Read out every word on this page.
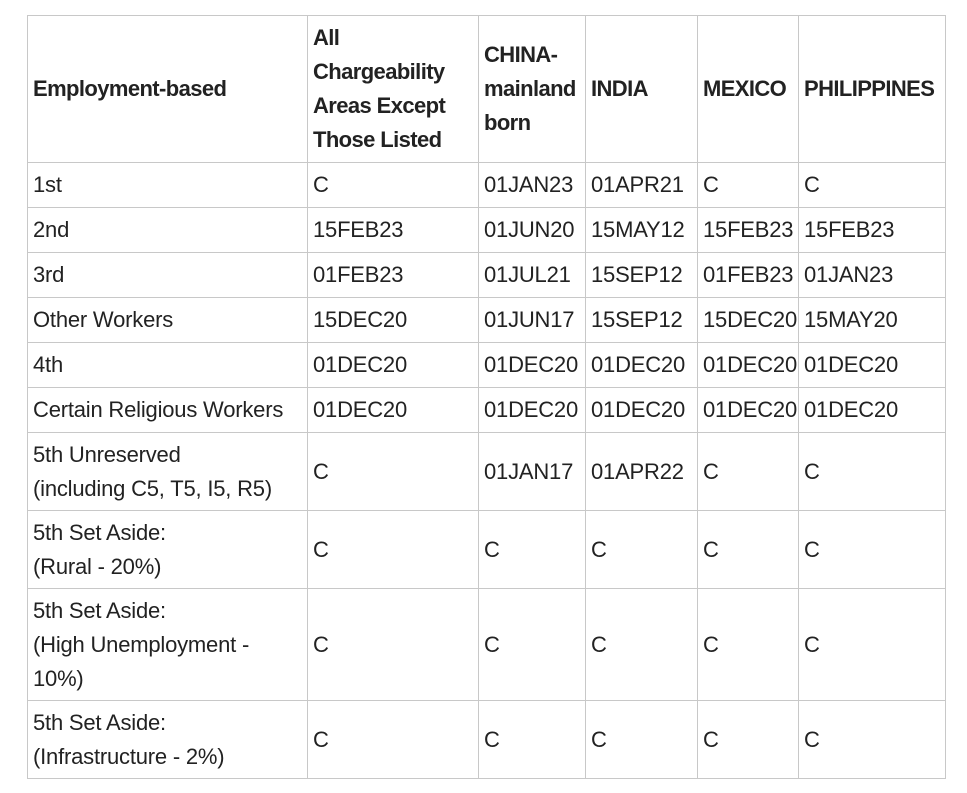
Employment-based	All Chargeability Areas Except Those Listed	CHINA-mainland born	INDIA	MEXICO	PHILIPPINES
1st	C	01JAN23	01APR21	C	C
2nd	15FEB23	01JUN20	15MAY12	15FEB23	15FEB23
3rd	01FEB23	01JUL21	15SEP12	01FEB23	01JAN23
Other Workers	15DEC20	01JUN17	15SEP12	15DEC20	15MAY20
4th	01DEC20	01DEC20	01DEC20	01DEC20	01DEC20
Certain Religious Workers	01DEC20	01DEC20	01DEC20	01DEC20	01DEC20
5th Unreserved
(including C5, T5, I5, R5)	C	01JAN17	01APR22	C	C
5th Set Aside:
(Rural - 20%)	C	C	C	C	C
5th Set Aside:
(High Unemployment -
10%)	C	C	C	C	C
5th Set Aside:
(Infrastructure - 2%)	C	C	C	C	C
